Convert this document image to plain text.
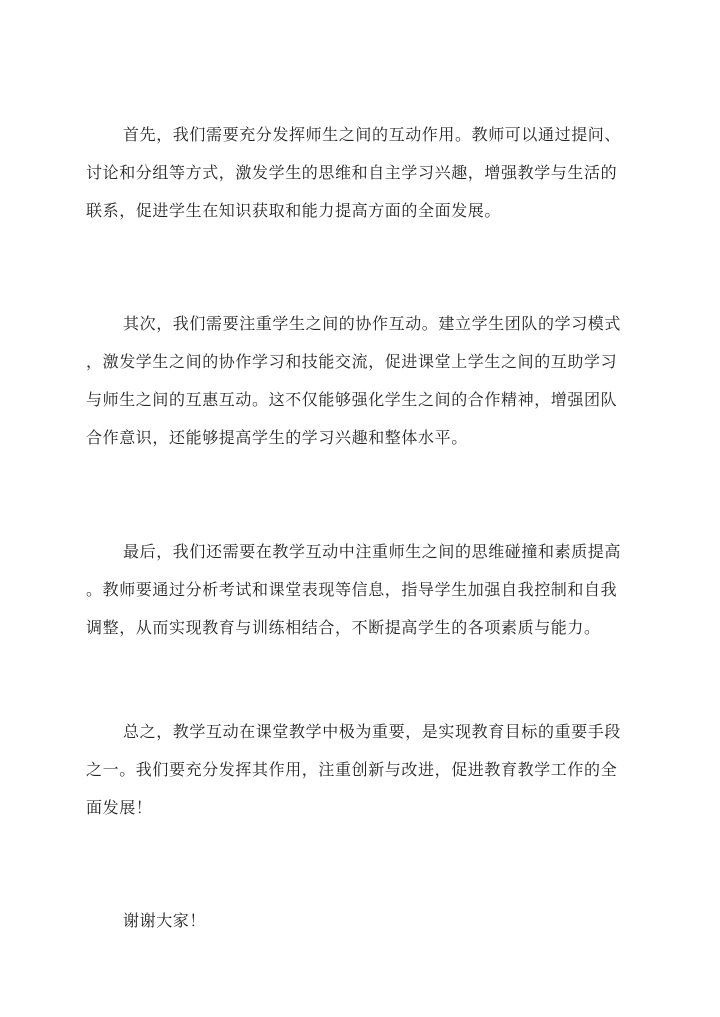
首先，我们需要充分发挥师生之间的互动作用。教师可以通过提问、
讨论和分组等方式，激发学生的思维和自主学习兴趣，增强教学与生活的
联系，促进学生在知识获取和能力提高方面的全面发展。
其次，我们需要注重学生之间的协作互动。建立学生团队的学习模式
，激发学生之间的协作学习和技能交流，促进课堂上学生之间的互助学习
与师生之间的互惠互动。这不仅能够强化学生之间的合作精神，增强团队
合作意识，还能够提高学生的学习兴趣和整体水平。
最后，我们还需要在教学互动中注重师生之间的思维碰撞和素质提高
。教师要通过分析考试和课堂表现等信息，指导学生加强自我控制和自我
调整，从而实现教育与训练相结合，不断提高学生的各项素质与能力。
总之，教学互动在课堂教学中极为重要，是实现教育目标的重要手段
之一。我们要充分发挥其作用，注重创新与改进，促进教育教学工作的全
面发展！
谢谢大家！
